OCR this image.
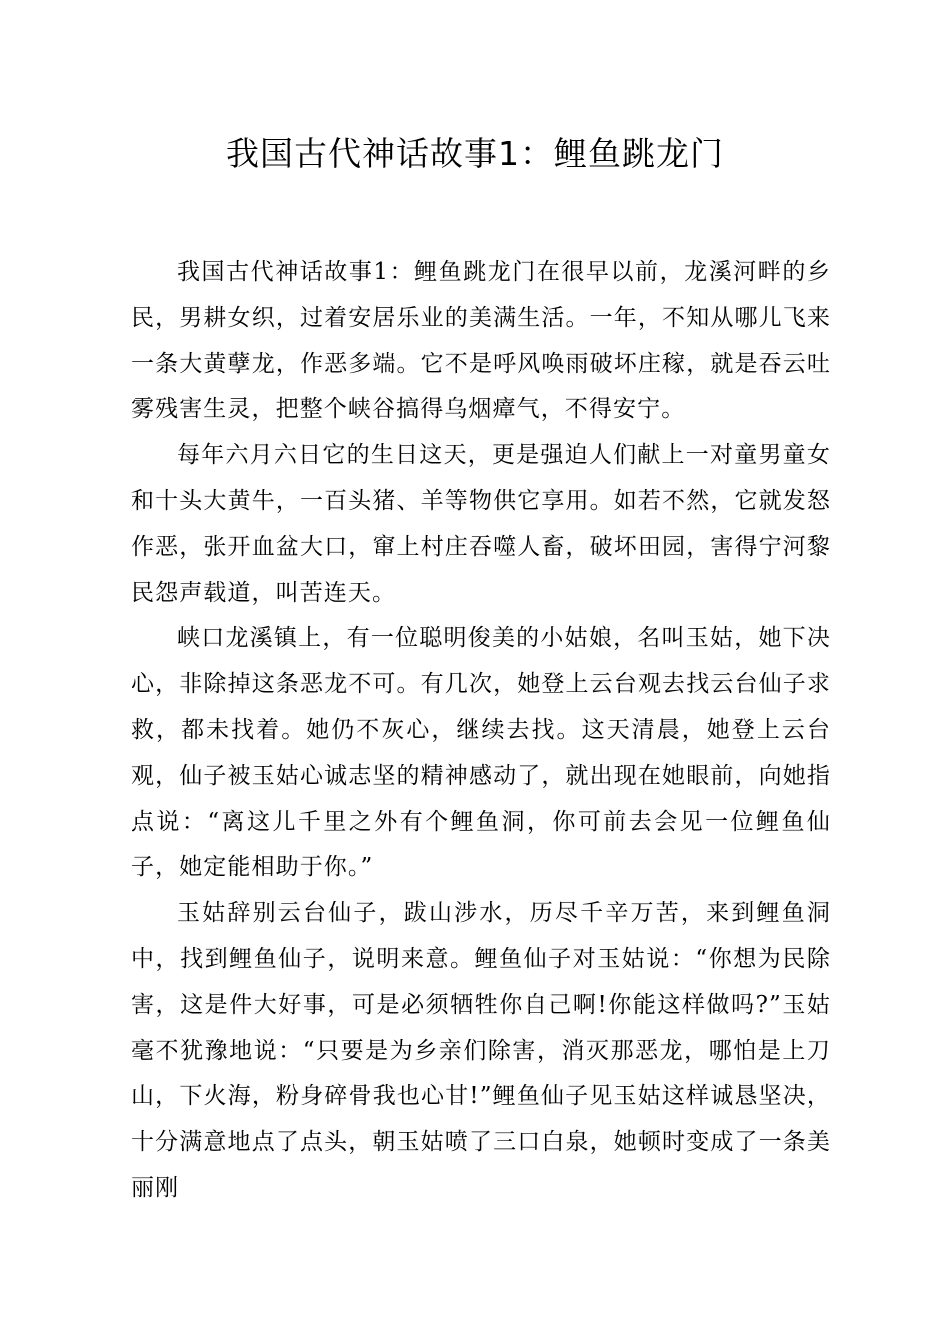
我国古代神话故事1：鲤鱼跳龙门

我国古代神话故事1：鲤鱼跳龙门在很早以前，龙溪河畔的乡民，男耕女织，过着安居乐业的美满生活。一年，不知从哪儿飞来一条大黄孽龙，作恶多端。它不是呼风唤雨破坏庄稼，就是吞云吐雾残害生灵，把整个峡谷搞得乌烟瘴气，不得安宁。

每年六月六日它的生日这天，更是强迫人们献上一对童男童女和十头大黄牛，一百头猪、羊等物供它享用。如若不然，它就发怒作恶，张开血盆大口，窜上村庄吞噬人畜，破坏田园，害得宁河黎民怨声载道，叫苦连天。

峡口龙溪镇上，有一位聪明俊美的小姑娘，名叫玉姑，她下决心，非除掉这条恶龙不可。有几次，她登上云台观去找云台仙子求救，都未找着。她仍不灰心，继续去找。这天清晨，她登上云台观，仙子被玉姑心诚志坚的精神感动了，就出现在她眼前，向她指点说：“离这儿千里之外有个鲤鱼洞，你可前去会见一位鲤鱼仙子，她定能相助于你。”

玉姑辞别云台仙子，跋山涉水，历尽千辛万苦，来到鲤鱼洞中，找到鲤鱼仙子，说明来意。鲤鱼仙子对玉姑说：“你想为民除害，这是件大好事，可是必须牺牲你自己啊!你能这样做吗?”玉姑毫不犹豫地说：“只要是为乡亲们除害，消灭那恶龙，哪怕是上刀山，下火海，粉身碎骨我也心甘!”鲤鱼仙子见玉姑这样诚恳坚决，十分满意地点了点头，朝玉姑喷了三口白泉，她顿时变成了一条美丽刚
